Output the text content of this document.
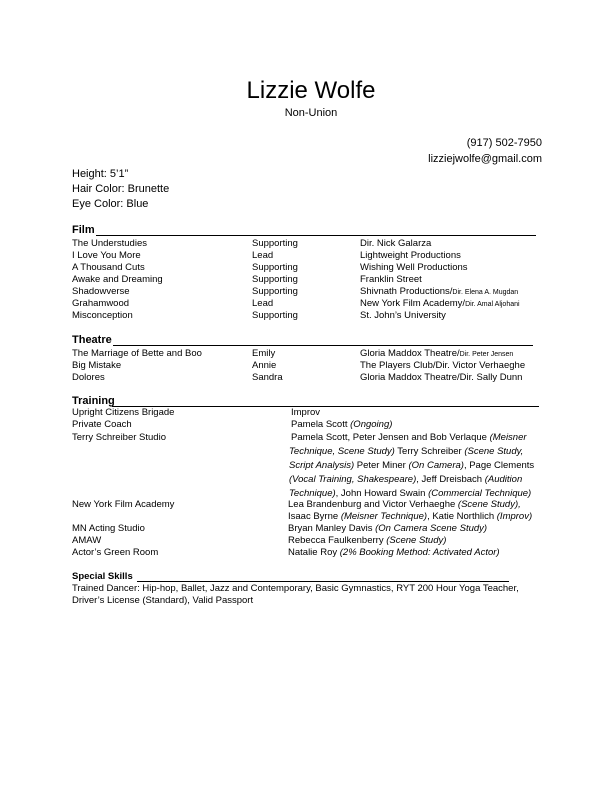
Lizzie Wolfe
Non-Union
(917) 502-7950
lizziejwolfe@gmail.com
Height: 5’1”
Hair Color: Brunette
Eye Color: Blue
Film
The Understudies	Supporting	Dir. Nick Galarza
I Love You More	Lead	Lightweight Productions
A Thousand Cuts	Supporting	Wishing Well Productions
Awake and Dreaming	Supporting	Franklin Street
Shadowverse	Supporting	Shivnath Productions/Dir. Elena A. Mugdan
Grahamwood	Lead	New York Film Academy/Dir. Amal Aljohani
Misconception	Supporting	St. John’s University
Theatre
The Marriage of Bette and Boo	Emily	Gloria Maddox Theatre/Dir. Peter Jensen
Big Mistake	Annie	The Players Club/Dir. Victor Verhaeghe
Dolores	Sandra	Gloria Maddox Theatre/Dir. Sally Dunn
Training
Upright Citizens Brigade	Improv
Private Coach	Pamela Scott (Ongoing)
Terry Schreiber Studio	Pamela Scott, Peter Jensen and Bob Verlaque (Meisner
Technique, Scene Study) Terry Schreiber (Scene Study,
Script Analysis) Peter Miner (On Camera), Page Clements
(Vocal Training, Shakespeare), Jeff Dreisbach (Audition
Technique), John Howard Swain (Commercial Technique)
New York Film Academy	Lea Brandenburg and Victor Verhaeghe (Scene Study),
Isaac Byrne (Meisner Technique), Katie Northlich (Improv)
MN Acting Studio	Bryan Manley Davis (On Camera Scene Study)
AMAW	Rebecca Faulkenberry (Scene Study)
Actor’s Green Room	Natalie Roy (2% Booking Method: Activated Actor)
Special Skills
Trained Dancer: Hip-hop, Ballet, Jazz and Contemporary, Basic Gymnastics, RYT 200 Hour Yoga Teacher, Driver’s License (Standard), Valid Passport
